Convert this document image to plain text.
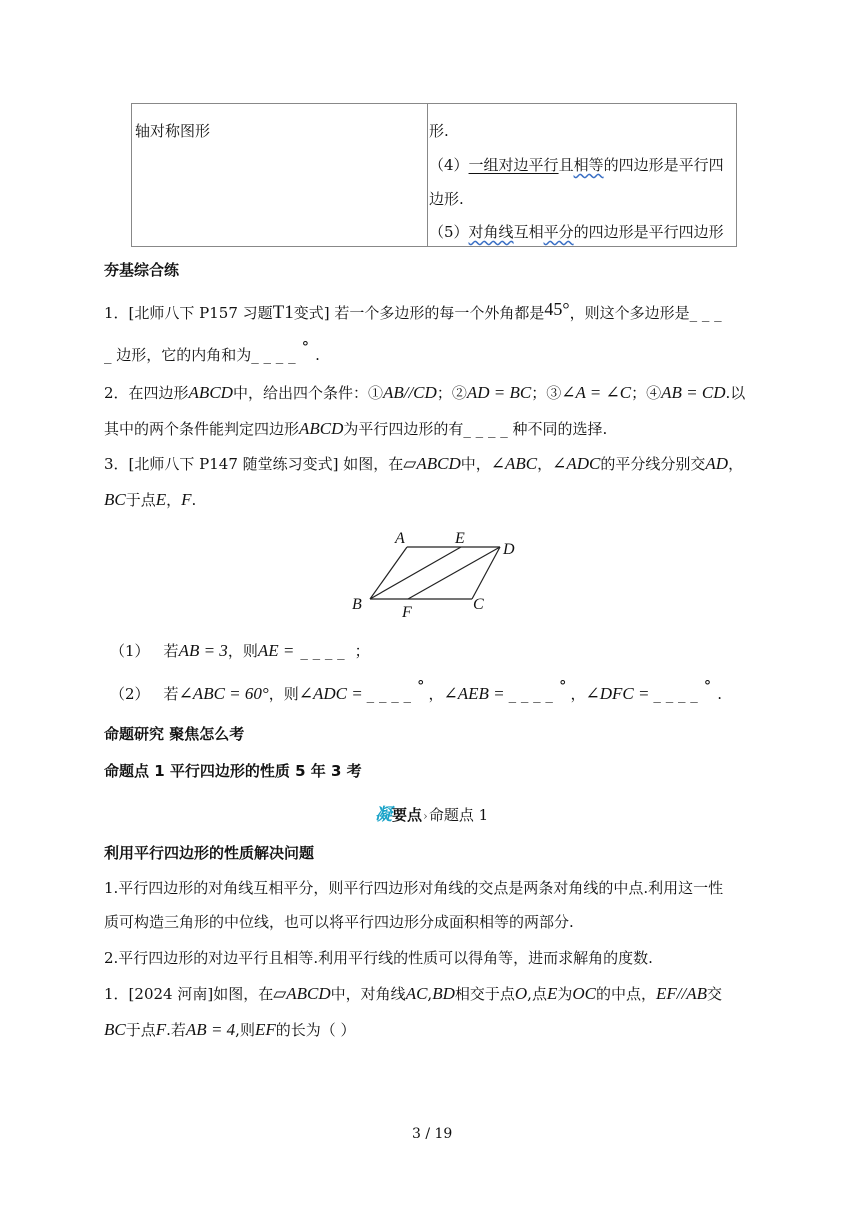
轴对称图形	形.
（4）一组对边平行且相等的四边形是平行四
边形.
（5）对角线互相平分的四边形是平行四边形
夯基综合练
1．[北师八下 P157 习题T1变式] 若一个多边形的每一个外角都是45°，则这个多边形是_ _ _
_ 边形，它的内角和为_ _ _ _ ° .
2．在四边形ABCD中，给出四个条件：①AB//CD；②AD = BC；③∠A = ∠C；④AB = CD.以
其中的两个条件能判定四边形ABCD为平行四边形的有_ _ _ _ 种不同的选择.
3．[北师八下 P147 随堂练习变式] 如图，在▱ABCD中，∠ABC，∠ADC的平分线分别交AD，
BC于点E，F.
A	E
D
B	F	C
（1） 若AB = 3，则AE = _ _ _ _ ；
（2） 若∠ABC = 60°，则∠ADC = _ _ _ _ ° ，∠AEB = _ _ _ _ ° ，∠DFC = _ _ _ _ ° .
命题研究 聚焦怎么考
命题点 1 平行四边形的性质 5 年 3 考
凝要点›命题点 1
利用平行四边形的性质解决问题
1.平行四边形的对角线互相平分，则平行四边形对角线的交点是两条对角线的中点.利用这一性
质可构造三角形的中位线，也可以将平行四边形分成面积相等的两部分.
2.平行四边形的对边平行且相等.利用平行线的性质可以得角等，进而求解角的度数.
1．[2024 河南]如图，在▱ABCD中，对角线AC,BD相交于点O,点E为OC的中点，EF//AB交
BC于点F.若AB = 4,则EF的长为（ ）
3 / 19
